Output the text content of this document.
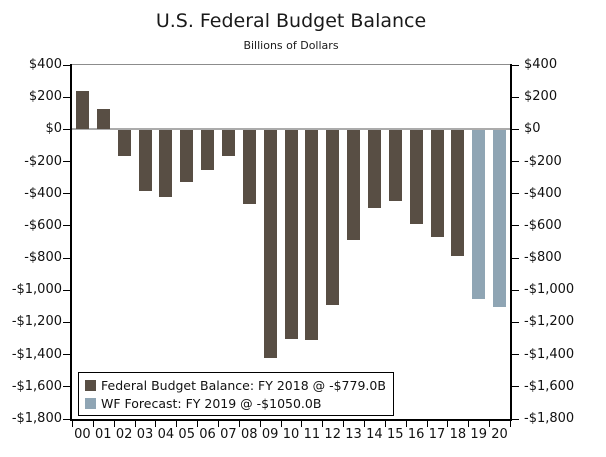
U.S. Federal Budget Balance
Billions of Dollars
$400	$400
$200	$200
$0	$0
-$200	-$200
-$400	-$400
-$600	-$600
-$800	-$800
-$1,000	-$1,000
-$1,200	-$1,200
-$1,400	-$1,400
-$1,600	-$1,600
-$1,800	-$1,800
00 01 02 03 04 05 06 07 08 09 10 11 12 13 14 15 16 17 18 19 20
Federal Budget Balance: FY 2018 @ -$779.0B
WF Forecast: FY 2019 @ -$1050.0B
